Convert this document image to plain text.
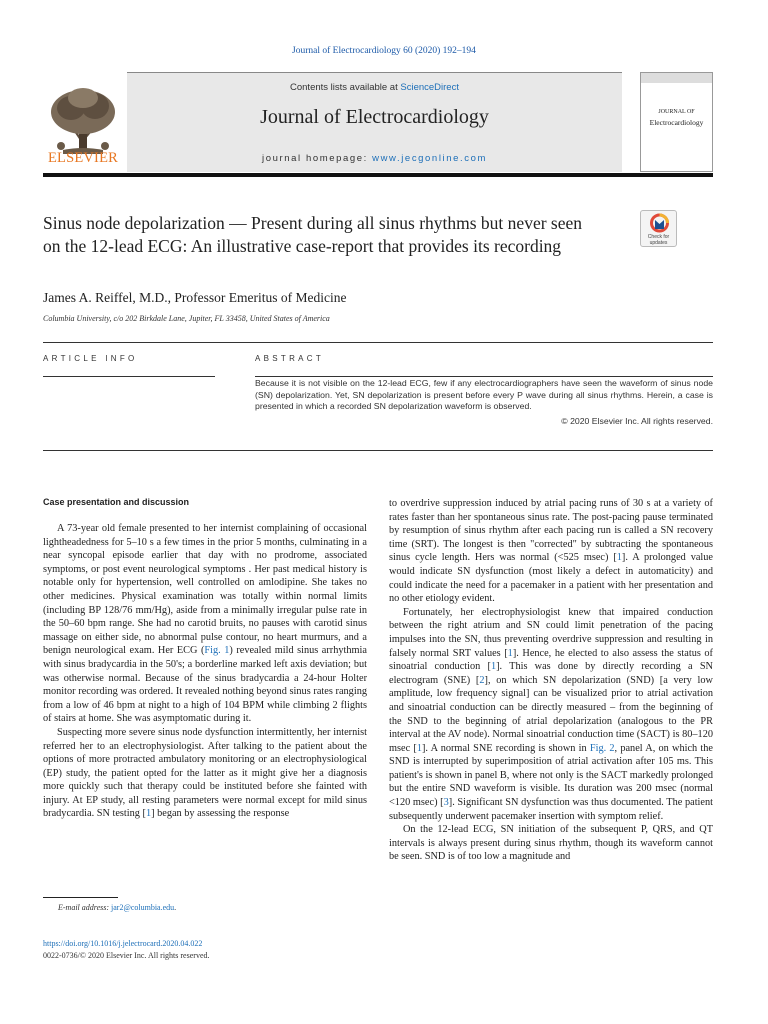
Journal of Electrocardiology 60 (2020) 192–194
ELSEVIER
Contents lists available at ScienceDirect
Journal of Electrocardiology
journal homepage: www.jecgonline.com
JOURNAL OF
Electrocardiology
Sinus node depolarization — Present during all sinus rhythms but never seen on the 12-lead ECG: An illustrative case-report that provides its recording	Check for
updates
James A. Reiffel, M.D., Professor Emeritus of Medicine
Columbia University, c/o 202 Birkdale Lane, Jupiter, FL 33458, United States of America
ARTICLE INFO	ABSTRACT
Because it is not visible on the 12-lead ECG, few if any electrocardiographers have seen the waveform of sinus node (SN) depolarization. Yet, SN depolarization is present before every P wave during all sinus rhythms. Herein, a case is presented in which a recorded SN depolarization waveform is observed.
© 2020 Elsevier Inc. All rights reserved.
Case presentation and discussion

A 73-year old female presented to her internist complaining of occasional lightheadedness for 5–10 s a few times in the prior 5 months, culminating in a near syncopal episode earlier that day with no prodrome, associated symptoms, or post event neurological symptoms . Her past medical history is notable only for hypertension, well controlled on amlodipine. She takes no other medicines. Physical examination was totally within normal limits (including BP 128/76 mm/Hg), aside from a minimally irregular pulse rate in the 50–60 bpm range. She had no carotid bruits, no pauses with carotid sinus massage on either side, no abnormal pulse contour, no heart murmurs, and a benign neurological exam. Her ECG (Fig. 1) revealed mild sinus arrhythmia with sinus bradycardia in the 50's; a borderline marked left axis deviation; but was otherwise normal. Because of the sinus bradycardia a 24-hour Holter monitor recording was ordered. It revealed nothing beyond sinus rates ranging from a low of 46 bpm at night to a high of 104 BPM while climbing 2 flights of stairs at home. She was asymptomatic during it.

Suspecting more severe sinus node dysfunction intermittently, her internist referred her to an electrophysiologist. After talking to the patient about the options of more protracted ambulatory monitoring or an electrophysiological (EP) study, the patient opted for the latter as it might give her a diagnosis more quickly such that therapy could be instituted before she fainted with injury. At EP study, all resting parameters were normal except for mild sinus bradycardia. SN testing [1] began by assessing the response

to overdrive suppression induced by atrial pacing runs of 30 s at a variety of rates faster than her spontaneous sinus rate. The post-pacing pause terminated by resumption of sinus rhythm after each pacing run is called a SN recovery time (SRT). The longest is then "corrected" by subtracting the spontaneous sinus cycle length. Hers was normal (<525 msec) [1]. A prolonged value would indicate SN dysfunction (most likely a defect in automaticity) and could indicate the need for a pacemaker in a patient with her presentation and no other etiology evident.

Fortunately, her electrophysiologist knew that impaired conduction between the right atrium and SN could limit penetration of the pacing impulses into the SN, thus preventing overdrive suppression and resulting in falsely normal SRT values [1]. Hence, he elected to also assess the status of sinoatrial conduction [1]. This was done by directly recording a SN electrogram (SNE) [2], on which SN depolarization (SND) [a very low amplitude, low frequency signal] can be visualized prior to atrial activation and sinoatrial conduction can be directly measured – from the beginning of the SND to the beginning of atrial depolarization (analogous to the PR interval at the AV node). Normal sinoatrial conduction time (SACT) is 80–120 msec [1]. A normal SNE recording is shown in Fig. 2, panel A, on which the SND is interrupted by superimposition of atrial activation after 105 ms. This patient's is shown in panel B, where not only is the SACT markedly prolonged but the entire SND waveform is visible. Its duration was 200 msec (normal <120 msec) [3]. Significant SN dysfunction was thus documented. The patient subsequently underwent pacemaker insertion with symptom relief.

On the 12-lead ECG, SN initiation of the subsequent P, QRS, and QT intervals is always present during sinus rhythm, though its waveform cannot be seen. SND is of too low a magnitude and

E-mail address: jar2@columbia.edu.
https://doi.org/10.1016/j.jelectrocard.2020.04.022
0022-0736/© 2020 Elsevier Inc. All rights reserved.
